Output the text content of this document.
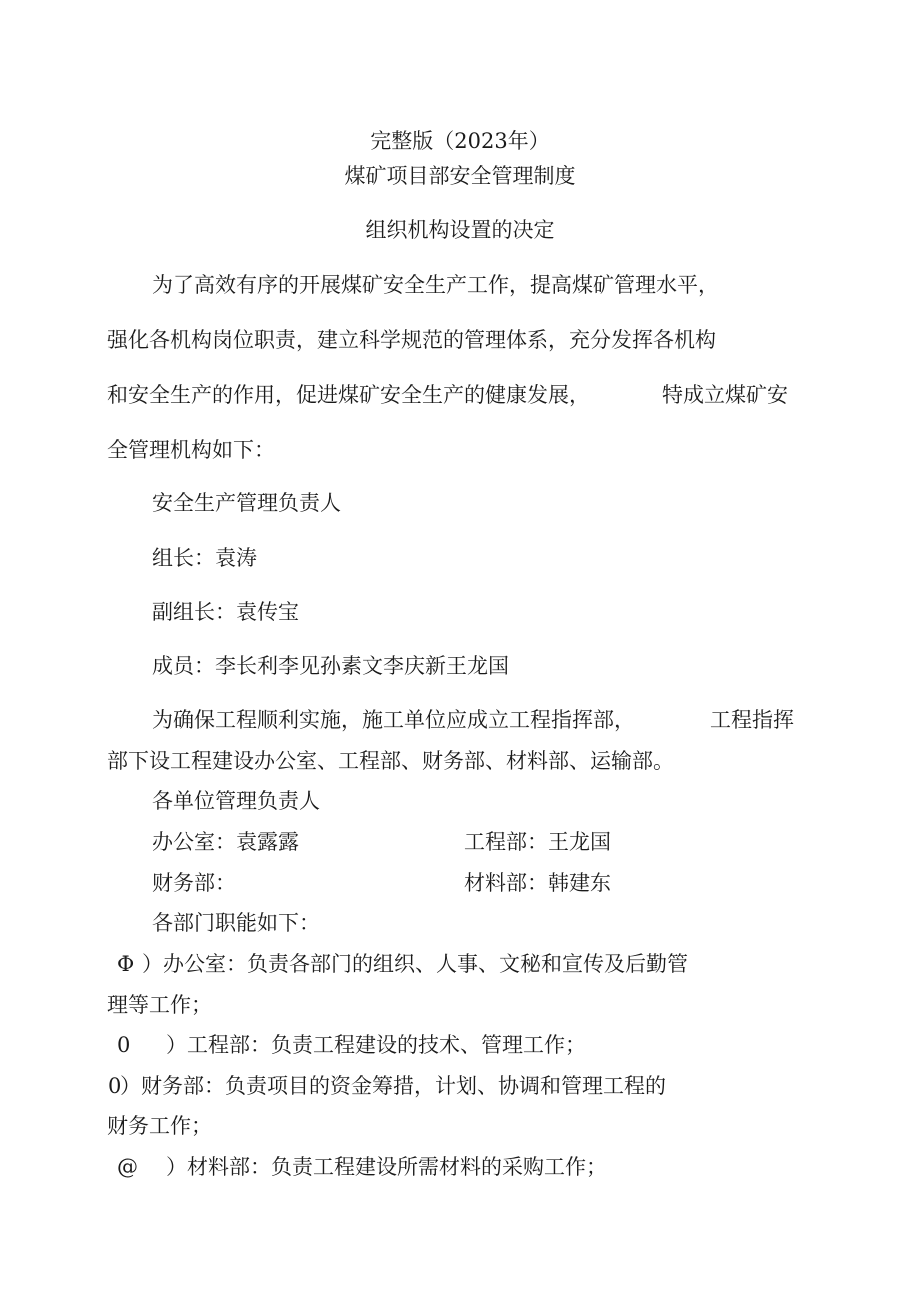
完整版（2023年）
煤矿项目部安全管理制度
组织机构设置的决定
为了高效有序的开展煤矿安全生产工作，提高煤矿管理水平，
强化各机构岗位职责，建立科学规范的管理体系，充分发挥各机构
和安全生产的作用，促进煤矿安全生产的健康发展，	特成立煤矿安
全管理机构如下：
安全生产管理负责人
组长：袁涛
副组长：袁传宝
成员：李长利李见孙素文李庆新王龙国
为确保工程顺利实施，施工单位应成立工程指挥部，	工程指挥
部下设工程建设办公室、工程部、财务部、材料部、运输部。
各单位管理负责人
办公室：袁露露	工程部：王龙国
财务部：	材料部：韩建东
各部门职能如下：
Φ ）办公室：负责各部门的组织、人事、文秘和宣传及后勤管
理等工作；
0 ）工程部：负责工程建设的技术、管理工作；
0
）财务部：负责项目的资金筹措，计划、协调和管理工程的
财务工作；
@ ）材料部：负责工程建设所需材料的采购工作；
